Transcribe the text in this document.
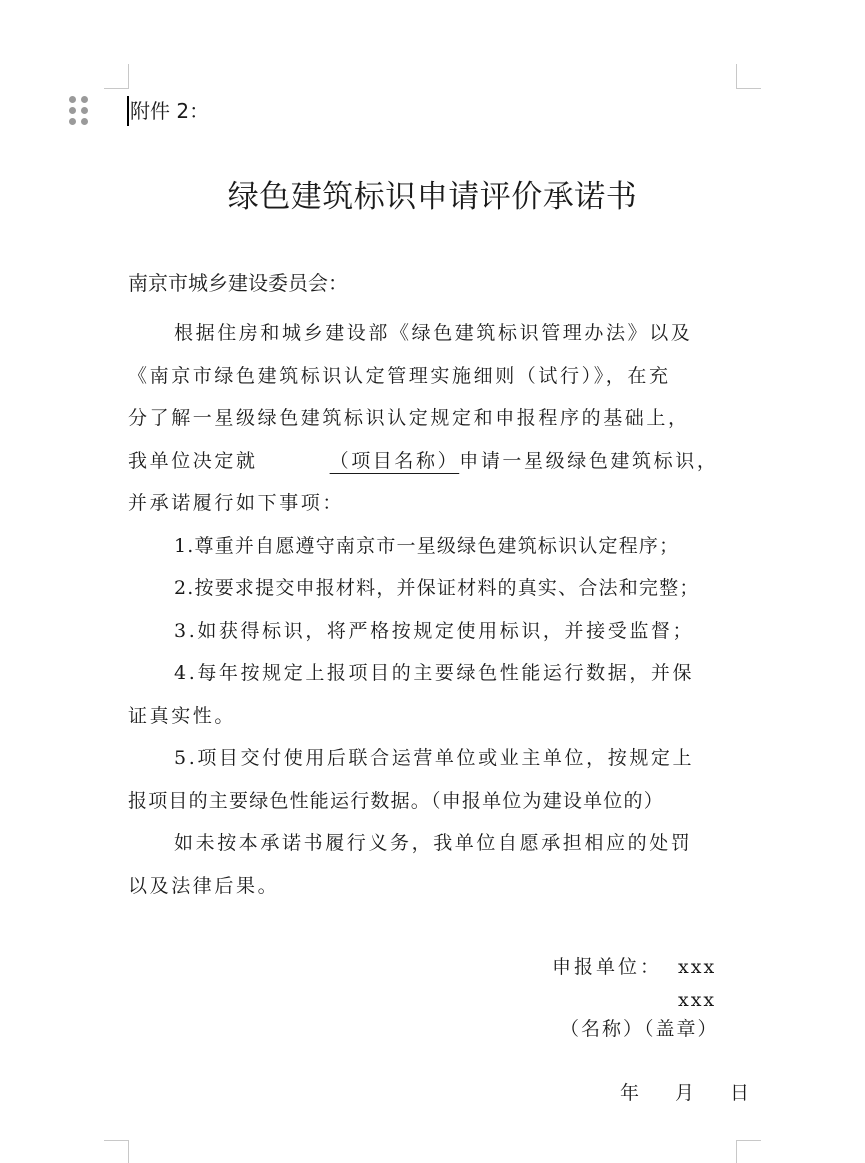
附件 2：
绿色建筑标识申请评价承诺书
南京市城乡建设委员会：
根据住房和城乡建设部《绿色建筑标识管理办法》以及
《南京市绿色建筑标识认定管理实施细则（试行）》，在充
分了解一星级绿色建筑标识认定规定和申报程序的基础上，
我单位决定就	（项目名称）申请一星级绿色建筑标识，
并承诺履行如下事项：
1.尊重并自愿遵守南京市一星级绿色建筑标识认定程序；
2.按要求提交申报材料，并保证材料的真实、合法和完整；
3.如获得标识，将严格按规定使用标识，并接受监督；
4.每年按规定上报项目的主要绿色性能运行数据，并保
证真实性。
5.项目交付使用后联合运营单位或业主单位，按规定上
报项目的主要绿色性能运行数据。（申报单位为建设单位的）
如未按本承诺书履行义务，我单位自愿承担相应的处罚
以及法律后果。
申报单位： xxx
xxx
（名称）（盖章）
年 月 日
